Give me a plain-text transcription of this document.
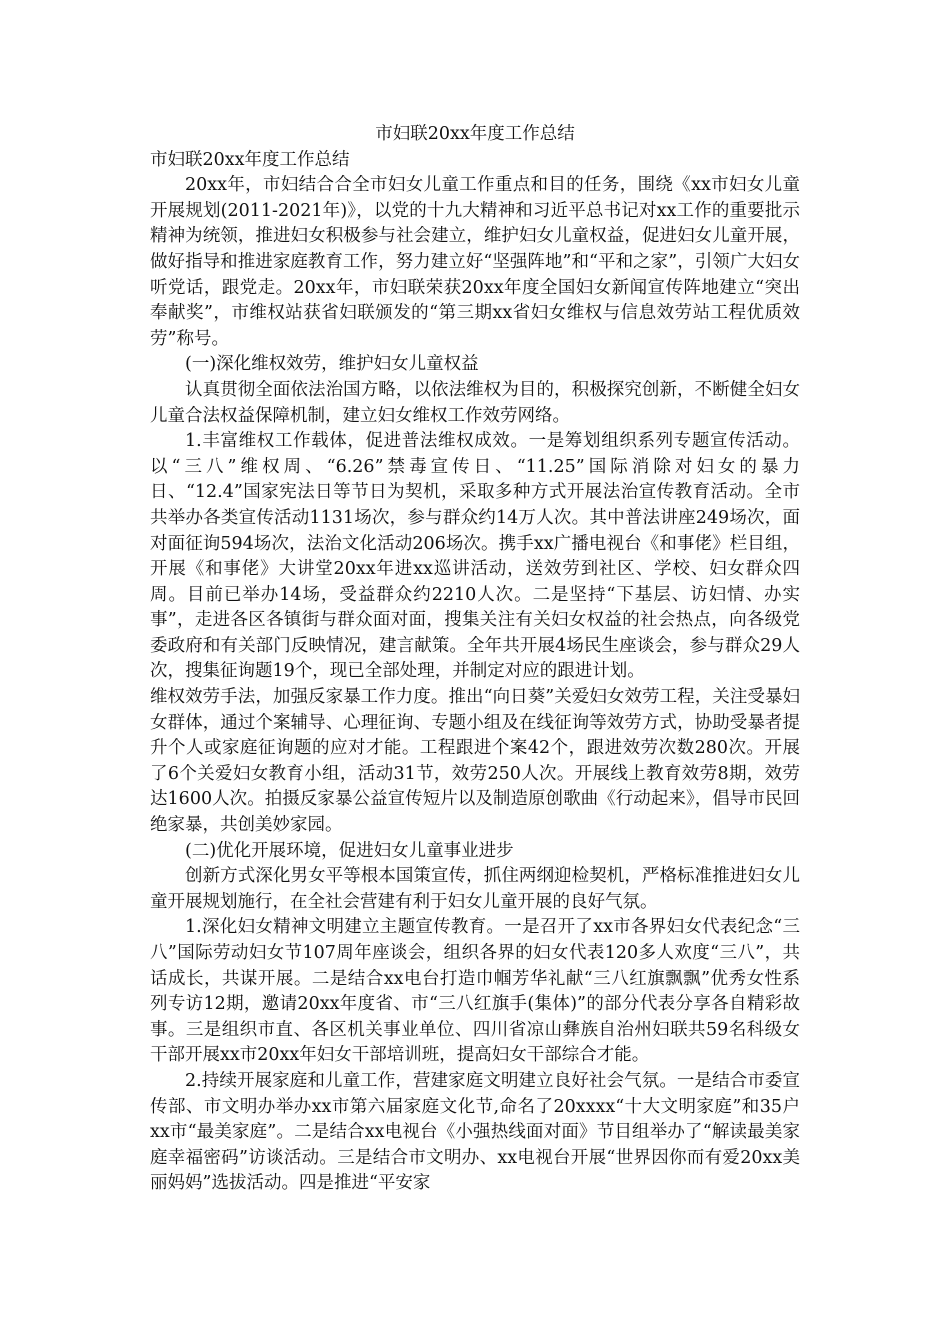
市妇联20xx年度工作总结

市妇联20xx年度工作总结

20xx年，市妇结合合全市妇女儿童工作重点和目的任务，围绕《xx市妇女儿童开展规划(2011-2021年)》，以党的十九大精神和习近平总书记对xx工作的重要批示精神为统领，推进妇女积极参与社会建立，维护妇女儿童权益，促进妇女儿童开展，做好指导和推进家庭教育工作，努力建立好“坚强阵地”和“平和之家”，引领广大妇女听党话，跟党走。20xx年，市妇联荣获20xx年度全国妇女新闻宣传阵地建立“突出奉献奖”，市维权站获省妇联颁发的“第三期xx省妇女维权与信息效劳站工程优质效劳”称号。

(一)深化维权效劳，维护妇女儿童权益

认真贯彻全面依法治国方略，以依法维权为目的，积极探究创新，不断健全妇女儿童合法权益保障机制，建立妇女维权工作效劳网络。

1.丰富维权工作载体，促进普法维权成效。一是筹划组织系列专题宣传活动。以“三八”维权周、“6.26”禁毒宣传日、“11.25”国际消除对妇女的暴力日、“12.4”国家宪法日等节日为契机，采取多种方式开展法治宣传教育活动。全市共举办各类宣传活动1131场次，参与群众约14万人次。其中普法讲座249场次，面对面征询594场次，法治文化活动206场次。携手xx广播电视台《和事佬》栏目组，开展《和事佬》大讲堂20xx年进xx巡讲活动，送效劳到社区、学校、妇女群众四周。目前已举办14场，受益群众约2210人次。二是坚持“下基层、访妇情、办实事”，走进各区各镇街与群众面对面，搜集关注有关妇女权益的社会热点，向各级党委政府和有关部门反映情况，建言献策。全年共开展4场民生座谈会，参与群众29人次，搜集征询题19个，现已全部处理，并制定对应的跟进计划。

维权效劳手法，加强反家暴工作力度。推出“向日葵”关爱妇女效劳工程，关注受暴妇女群体，通过个案辅导、心理征询、专题小组及在线征询等效劳方式，协助受暴者提升个人或家庭征询题的应对才能。工程跟进个案42个，跟进效劳次数280次。开展了6个关爱妇女教育小组，活动31节，效劳250人次。开展线上教育效劳8期，效劳达1600人次。拍摄反家暴公益宣传短片以及制造原创歌曲《行动起来》，倡导市民回绝家暴，共创美妙家园。

(二)优化开展环境，促进妇女儿童事业进步

创新方式深化男女平等根本国策宣传，抓住两纲迎检契机，严格标准推进妇女儿童开展规划施行，在全社会营建有利于妇女儿童开展的良好气氛。

1.深化妇女精神文明建立主题宣传教育。一是召开了xx市各界妇女代表纪念“三八”国际劳动妇女节107周年座谈会，组织各界的妇女代表120多人欢度“三八”，共话成长，共谋开展。二是结合xx电台打造巾帼芳华礼献“三八红旗飘飘”优秀女性系列专访12期，邀请20xx年度省、市“三八红旗手(集体)”的部分代表分享各自精彩故事。三是组织市直、各区机关事业单位、四川省凉山彝族自治州妇联共59名科级女干部开展xx市20xx年妇女干部培训班，提高妇女干部综合才能。

2.持续开展家庭和儿童工作，营建家庭文明建立良好社会气氛。一是结合市委宣传部、市文明办举办xx市第六届家庭文化节,命名了20xxxx“十大文明家庭”和35户xx市“最美家庭”。二是结合xx电视台《小强热线面对面》节目组举办了“解读最美家庭幸福密码”访谈活动。三是结合市文明办、xx电视台开展“世界因你而有爱20xx美丽妈妈”选拔活动。四是推进“平安家
